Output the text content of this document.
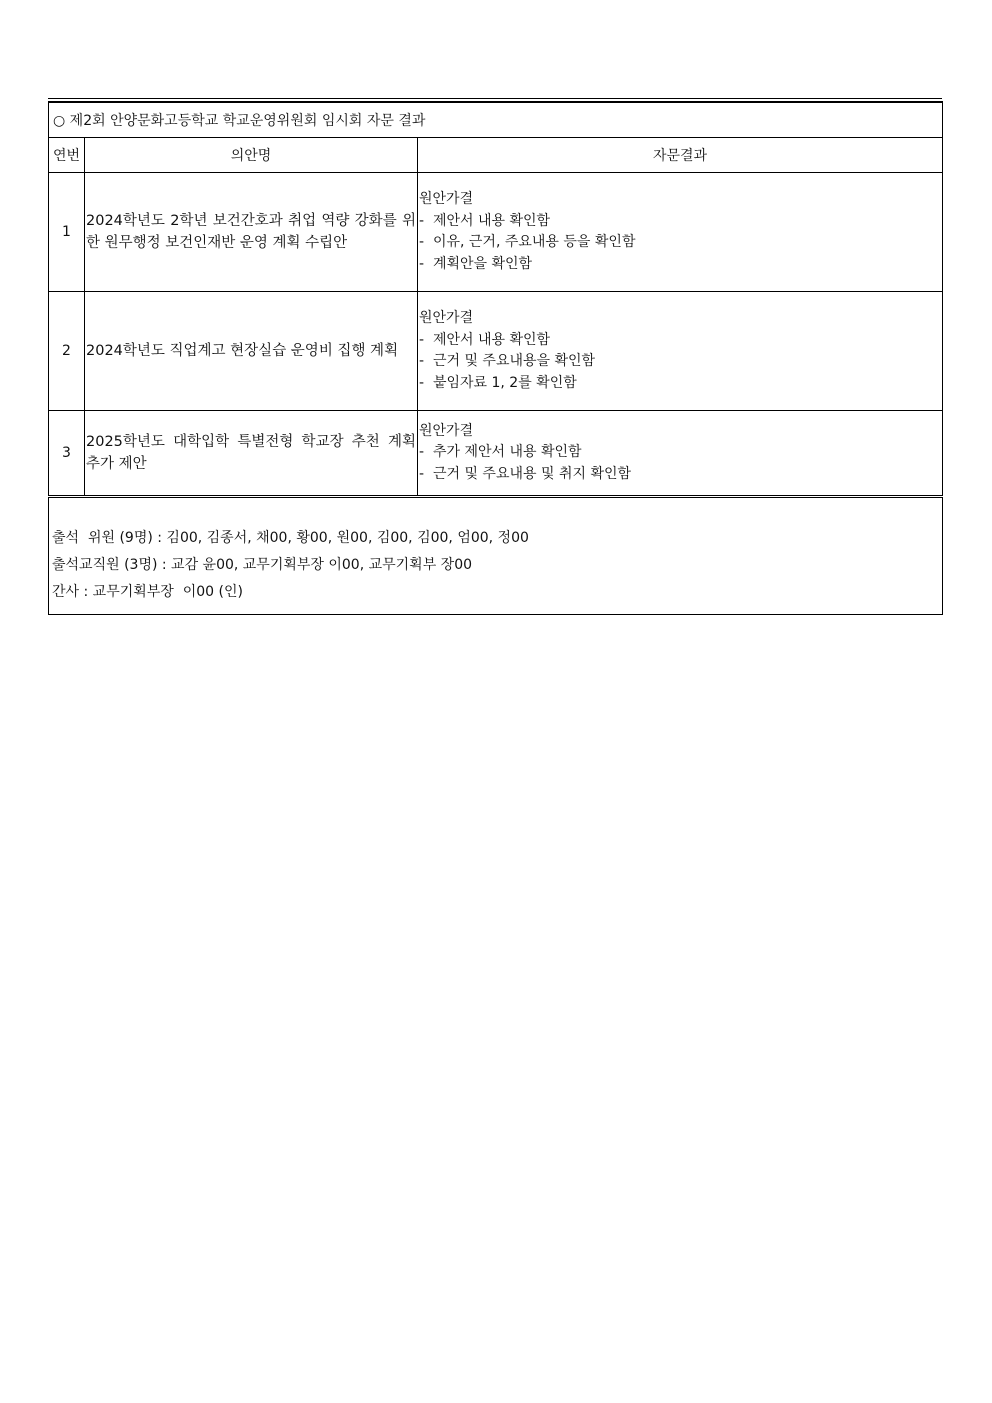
○ 제2회 안양문화고등학교 학교운영위원회 임시회 자문 결과		
연번	의안명	자문결과
1	2024학년도 2학년 보건간호과 취업 역량 강화를 위한 원무행정 보건인재반 운영 계획 수립안	원안가결
-  제안서 내용 확인함
-  이유, 근거, 주요내용 등을 확인함
-  계획안을 확인함

2	2024학년도 직업계고 현장실습 운영비 집행 계획	원안가결
-  제안서 내용 확인함
-  근거 및 주요내용을 확인함
-  붙임자료 1, 2를 확인함

3	2025학년도 대학입학 특별전형 학교장 추천 계획 추가 제안	원안가결
-  추가 제안서 내용 확인함
-  근거 및 주요내용 및 취지 확인함

출석  위원 (9명) : 김00, 김종서, 채00, 황00, 원00, 김00, 김00, 엄00, 정00
출석교직원 (3명) : 교감 윤00, 교무기획부장 이00, 교무기획부 장00
간사 : 교무기획부장  이00 (인)		
